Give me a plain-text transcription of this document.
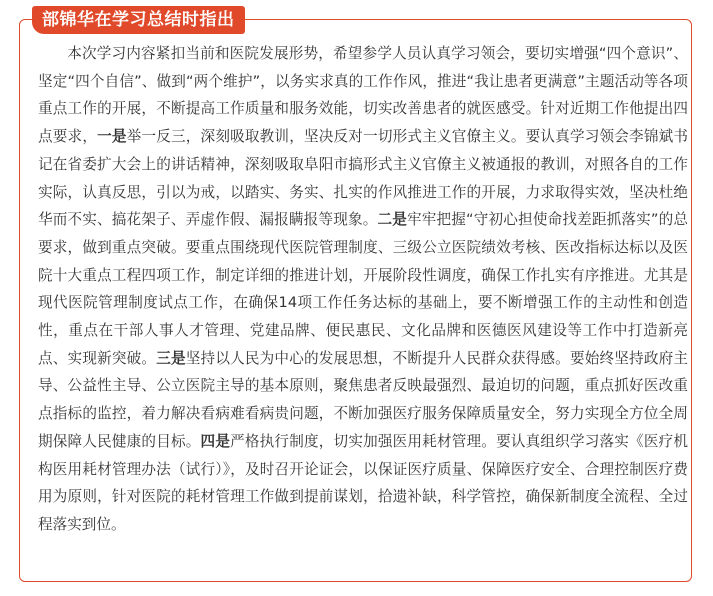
部锦华在学习总结时指出

本次学习内容紧扣当前和医院发展形势，希望参学人员认真学习领会，要切实增强“四个意识”、坚定“四个自信”、做到“两个维护”，以务实求真的工作作风，推进“我让患者更满意”主题活动等各项重点工作的开展，不断提高工作质量和服务效能，切实改善患者的就医感受。针对近期工作他提出四点要求，一是举一反三，深刻吸取教训，坚决反对一切形式主义官僚主义。要认真学习领会李锦斌书记在省委扩大会上的讲话精神，深刻吸取阜阳市搞形式主义官僚主义被通报的教训，对照各自的工作实际，认真反思，引以为戒，以踏实、务实、扎实的作风推进工作的开展，力求取得实效，坚决杜绝华而不实、搞花架子、弄虚作假、漏报瞒报等现象。二是牢牢把握“守初心担使命找差距抓落实”的总要求，做到重点突破。要重点围绕现代医院管理制度、三级公立医院绩效考核、医改指标达标以及医院十大重点工程四项工作，制定详细的推进计划，开展阶段性调度，确保工作扎实有序推进。尤其是现代医院管理制度试点工作，在确保14项工作任务达标的基础上，要不断增强工作的主动性和创造性，重点在干部人事人才管理、党建品牌、便民惠民、文化品牌和医德医风建设等工作中打造新亮点、实现新突破。三是坚持以人民为中心的发展思想，不断提升人民群众获得感。要始终坚持政府主导、公益性主导、公立医院主导的基本原则，聚焦患者反映最强烈、最迫切的问题，重点抓好医改重点指标的监控，着力解决看病难看病贵问题，不断加强医疗服务保障质量安全，努力实现全方位全周期保障人民健康的目标。四是严格执行制度，切实加强医用耗材管理。要认真组织学习落实《医疗机构医用耗材管理办法（试行）》，及时召开论证会，以保证医疗质量、保障医疗安全、合理控制医疗费用为原则，针对医院的耗材管理工作做到提前谋划，拾遗补缺，科学管控，确保新制度全流程、全过程落实到位。
